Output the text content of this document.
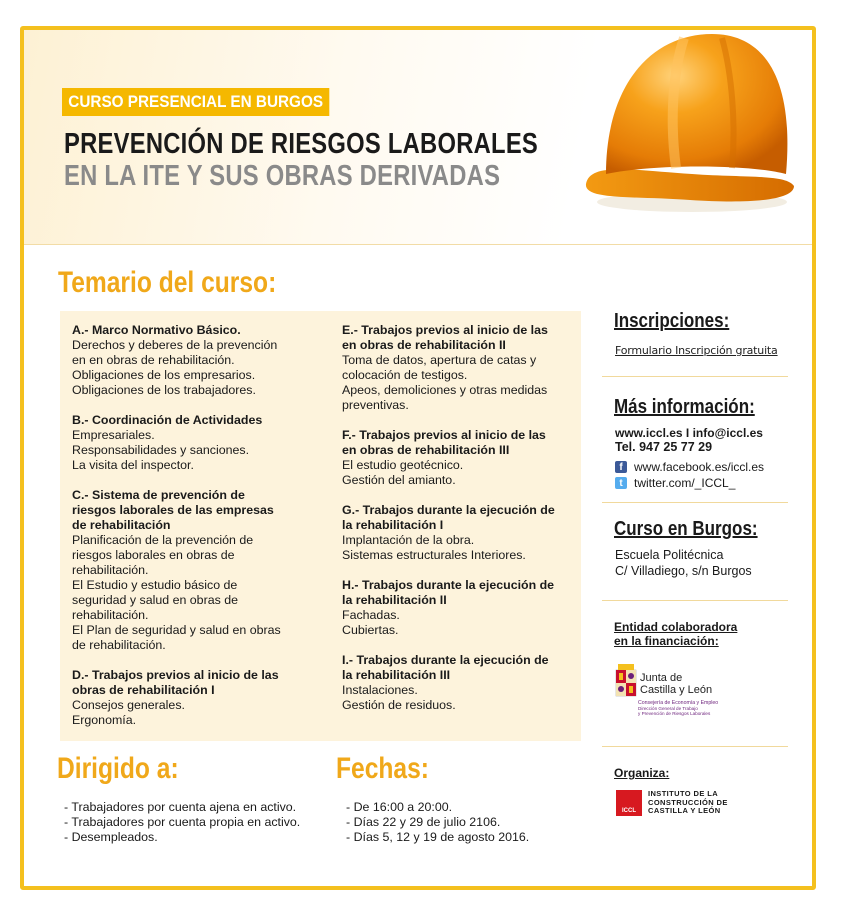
CURSO PRESENCIAL EN BURGOS
PREVENCIÓN DE RIESGOS LABORALES
EN LA ITE Y SUS OBRAS DERIVADAS
Temario del curso:
A.- Marco Normativo Básico.
Derechos y deberes de la prevención
en en obras de rehabilitación.
Obligaciones de los empresarios.
Obligaciones de los trabajadores.
B.- Coordinación de Actividades
Empresariales.
Responsabilidades y sanciones.
La visita del inspector.
C.- Sistema de prevención de
riesgos laborales de las empresas
de rehabilitación
Planificación de la prevención de
riesgos laborales en obras de
rehabilitación.
El Estudio y estudio básico de
seguridad y salud en obras de
rehabilitación.
El Plan de seguridad y salud en obras
de rehabilitación.
D.- Trabajos previos al inicio de las
obras de rehabilitación I
Consejos generales.
Ergonomía.
E.- Trabajos previos al inicio de las
en obras de rehabilitación II
Toma de datos, apertura de catas y
colocación de testigos.
Apeos, demoliciones y otras medidas
preventivas.
F.- Trabajos previos al inicio de las
en obras de rehabilitación III
El estudio geotécnico.
Gestión del amianto.
G.- Trabajos durante la ejecución de
la rehabilitación I
Implantación de la obra.
Sistemas estructurales Interiores.
H.- Trabajos durante la ejecución de
la rehabilitación II
Fachadas.
Cubiertas.
I.- Trabajos durante la ejecución de
la rehabilitación III
Instalaciones.
Gestión de residuos.
Dirigido a:
- Trabajadores por cuenta ajena en activo.
- Trabajadores por cuenta propia en activo.
- Desempleados.
Fechas:
- De 16:00 a 20:00.
- Días 22 y 29 de julio 2106.
- Días 5, 12 y 19 de agosto 2016.
Inscripciones:
Formulario Inscripción gratuita
Más información:
www.iccl.es I info@iccl.es
Tel. 947 25 77 29
f www.facebook.es/iccl.es
t twitter.com/_ICCL_
Curso en Burgos:
Escuela Politécnica
C/ Villadiego, s/n Burgos
Entidad colaboradora
en la financiación:
Junta de
Castilla y León
Consejería de Economía y Empleo
Dirección General de Trabajo
y Prevención de Riesgos Laborales
Organiza:
ICCL
INSTITUTO DE LA
CONSTRUCCIÓN DE
CASTILLA Y LEÓN
